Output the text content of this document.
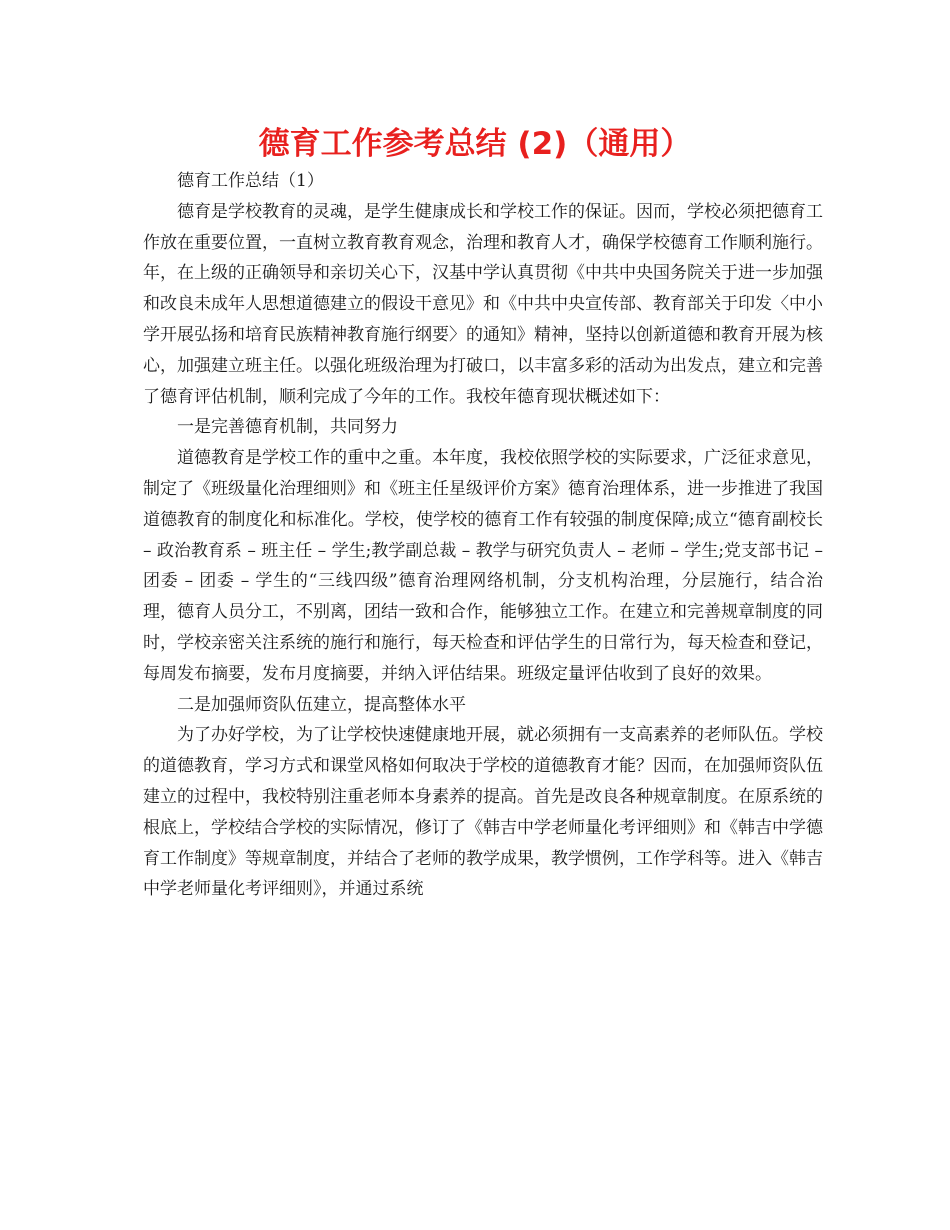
德育工作参考总结 (2)（通用）

德育工作总结（1）

德育是学校教育的灵魂，是学生健康成长和学校工作的保证。因而，学校必须把德育工作放在重要位置，一直树立教育教育观念，治理和教育人才，确保学校德育工作顺利施行。 年，在上级的正确领导和亲切关心下，汉基中学认真贯彻《中共中央国务院关于进一步加强和改良未成年人思想道德建立的假设干意见》和《中共中央宣传部、教育部关于印发〈中小学开展弘扬和培育民族精神教育施行纲要〉的通知》精神，坚持以创新道德和教育开展为核心，加强建立班主任。以强化班级治理为打破口，以丰富多彩的活动为出发点，建立和完善了德育评估机制，顺利完成了今年的工作。我校年德育现状概述如下：

一是完善德育机制，共同努力

道德教育是学校工作的重中之重。本年度，我校依照学校的实际要求，广泛征求意见，制定了《班级量化治理细则》和《班主任星级评价方案》德育治理体系，进一步推进了我国道德教育的制度化和标准化。学校，使学校的德育工作有较强的制度保障;成立“德育副校长 – 政治教育系 – 班主任 – 学生;教学副总裁 – 教学与研究负责人 – 老师 – 学生;党支部书记 – 团委 – 团委 – 学生的“三线四级”德育治理网络机制，分支机构治理，分层施行，结合治理，德育人员分工，不别离，团结一致和合作，能够独立工作。在建立和完善规章制度的同时，学校亲密关注系统的施行和施行，每天检查和评估学生的日常行为，每天检查和登记，每周发布摘要，发布月度摘要，并纳入评估结果。班级定量评估收到了良好的效果。

二是加强师资队伍建立，提高整体水平

为了办好学校，为了让学校快速健康地开展，就必须拥有一支高素养的老师队伍。学校的道德教育，学习方式和课堂风格如何取决于学校的道德教育才能？因而，在加强师资队伍建立的过程中，我校特别注重老师本身素养的提高。首先是改良各种规章制度。在原系统的根底上，学校结合学校的实际情况，修订了《韩吉中学老师量化考评细则》和《韩吉中学德育工作制度》等规章制度，并结合了老师的教学成果，教学惯例，工作学科等。进入《韩吉中学老师量化考评细则》，并通过系统
